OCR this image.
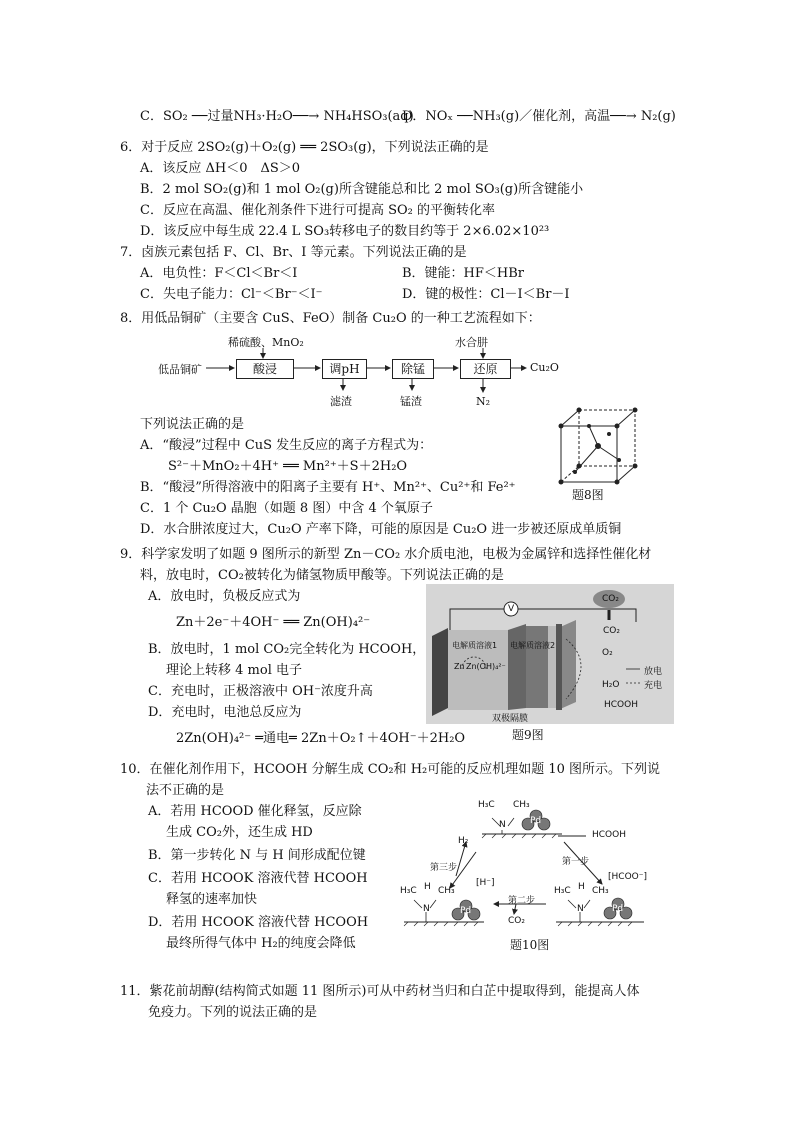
C．SO₂ ──过量NH₃·H₂O──→ NH₄HSO₃(aq)
D．NOₓ ──NH₃(g)／催化剂，高温──→ N₂(g)
6．对于反应 2SO₂(g)＋O₂(g) ══ 2SO₃(g)，下列说法正确的是
A．该反应 ΔH＜0　ΔS＞0
B．2 mol SO₂(g)和 1 mol O₂(g)所含键能总和比 2 mol SO₃(g)所含键能小
C．反应在高温、催化剂条件下进行可提高 SO₂ 的平衡转化率
D．该反应中每生成 22.4 L SO₃转移电子的数目约等于 2×6.02×10²³
7．卤族元素包括 F、Cl、Br、I 等元素。下列说法正确的是
A．电负性：F＜Cl＜Br＜I	B．键能：HF＜HBr
C．失电子能力：Cl⁻＜Br⁻＜I⁻	D．键的极性：Cl－I＜Br－I
8．用低品铜矿（主要含 CuS、FeO）制备 Cu₂O 的一种工艺流程如下：
低品铜矿
稀硫酸、MnO₂	水合肼
酸浸	调pH	除锰	还原	Cu₂O
滤渣	锰渣	N₂
下列说法正确的是
A．“酸浸”过程中 CuS 发生反应的离子方程式为：
S²⁻＋MnO₂＋4H⁺ ══ Mn²⁺＋S＋2H₂O
B．“酸浸”所得溶液中的阳离子主要有 H⁺、Mn²⁺、Cu²⁺和 Fe²⁺
C．1 个 Cu₂O 晶胞（如题 8 图）中含 4 个氧原子
D．水合肼浓度过大，Cu₂O 产率下降，可能的原因是 Cu₂O 进一步被还原成单质铜
题8图
9．科学家发明了如题 9 图所示的新型 Zn－CO₂ 水介质电池，电极为金属锌和选择性催化材
料，放电时，CO₂被转化为储氢物质甲酸等。下列说法正确的是
A．放电时，负极反应式为
Zn＋2e⁻＋4OH⁻ ══ Zn(OH)₄²⁻
B．放电时，1 mol CO₂完全转化为 HCOOH，
理论上转移 4 mol 电子
C．充电时，正极溶液中 OH⁻浓度升高
D．充电时，电池总反应为
2Zn(OH)₄²⁻ ═通电═ 2Zn＋O₂↑＋4OH⁻＋2H₂O
V
CO₂
电解质溶液1 电解质溶液2
Zn Zn(OH)₄²⁻
CO₂
O₂
H₂O
HCOOH
放电
充电
双极隔膜
题9图
10．在催化剂作用下，HCOOH 分解生成 CO₂和 H₂可能的反应机理如题 10 图所示。下列说
法不正确的是
A．若用 HCOOD 催化释氢，反应除
生成 CO₂外，还生成 HD
B．第一步转化 N 与 H 间形成配位键
C．若用 HCOOK 溶液代替 HCOOH
释氢的速率加快
D．若用 HCOOK 溶液代替 HCOOH
最终所得气体中 H₂的纯度会降低
H₃C CH₃
N	Pd
HCOOH
H₂
第三步
第一步
第二步
CO₂
H₃C H CH₃
N
[H⁻]
Pd
H₃C H CH₃
N
[HCOO⁻]
Pd
题10图
11．紫花前胡醇(结构简式如题 11 图所示)可从中药材当归和白芷中提取得到，能提高人体
免疫力。下列的说法正确的是
